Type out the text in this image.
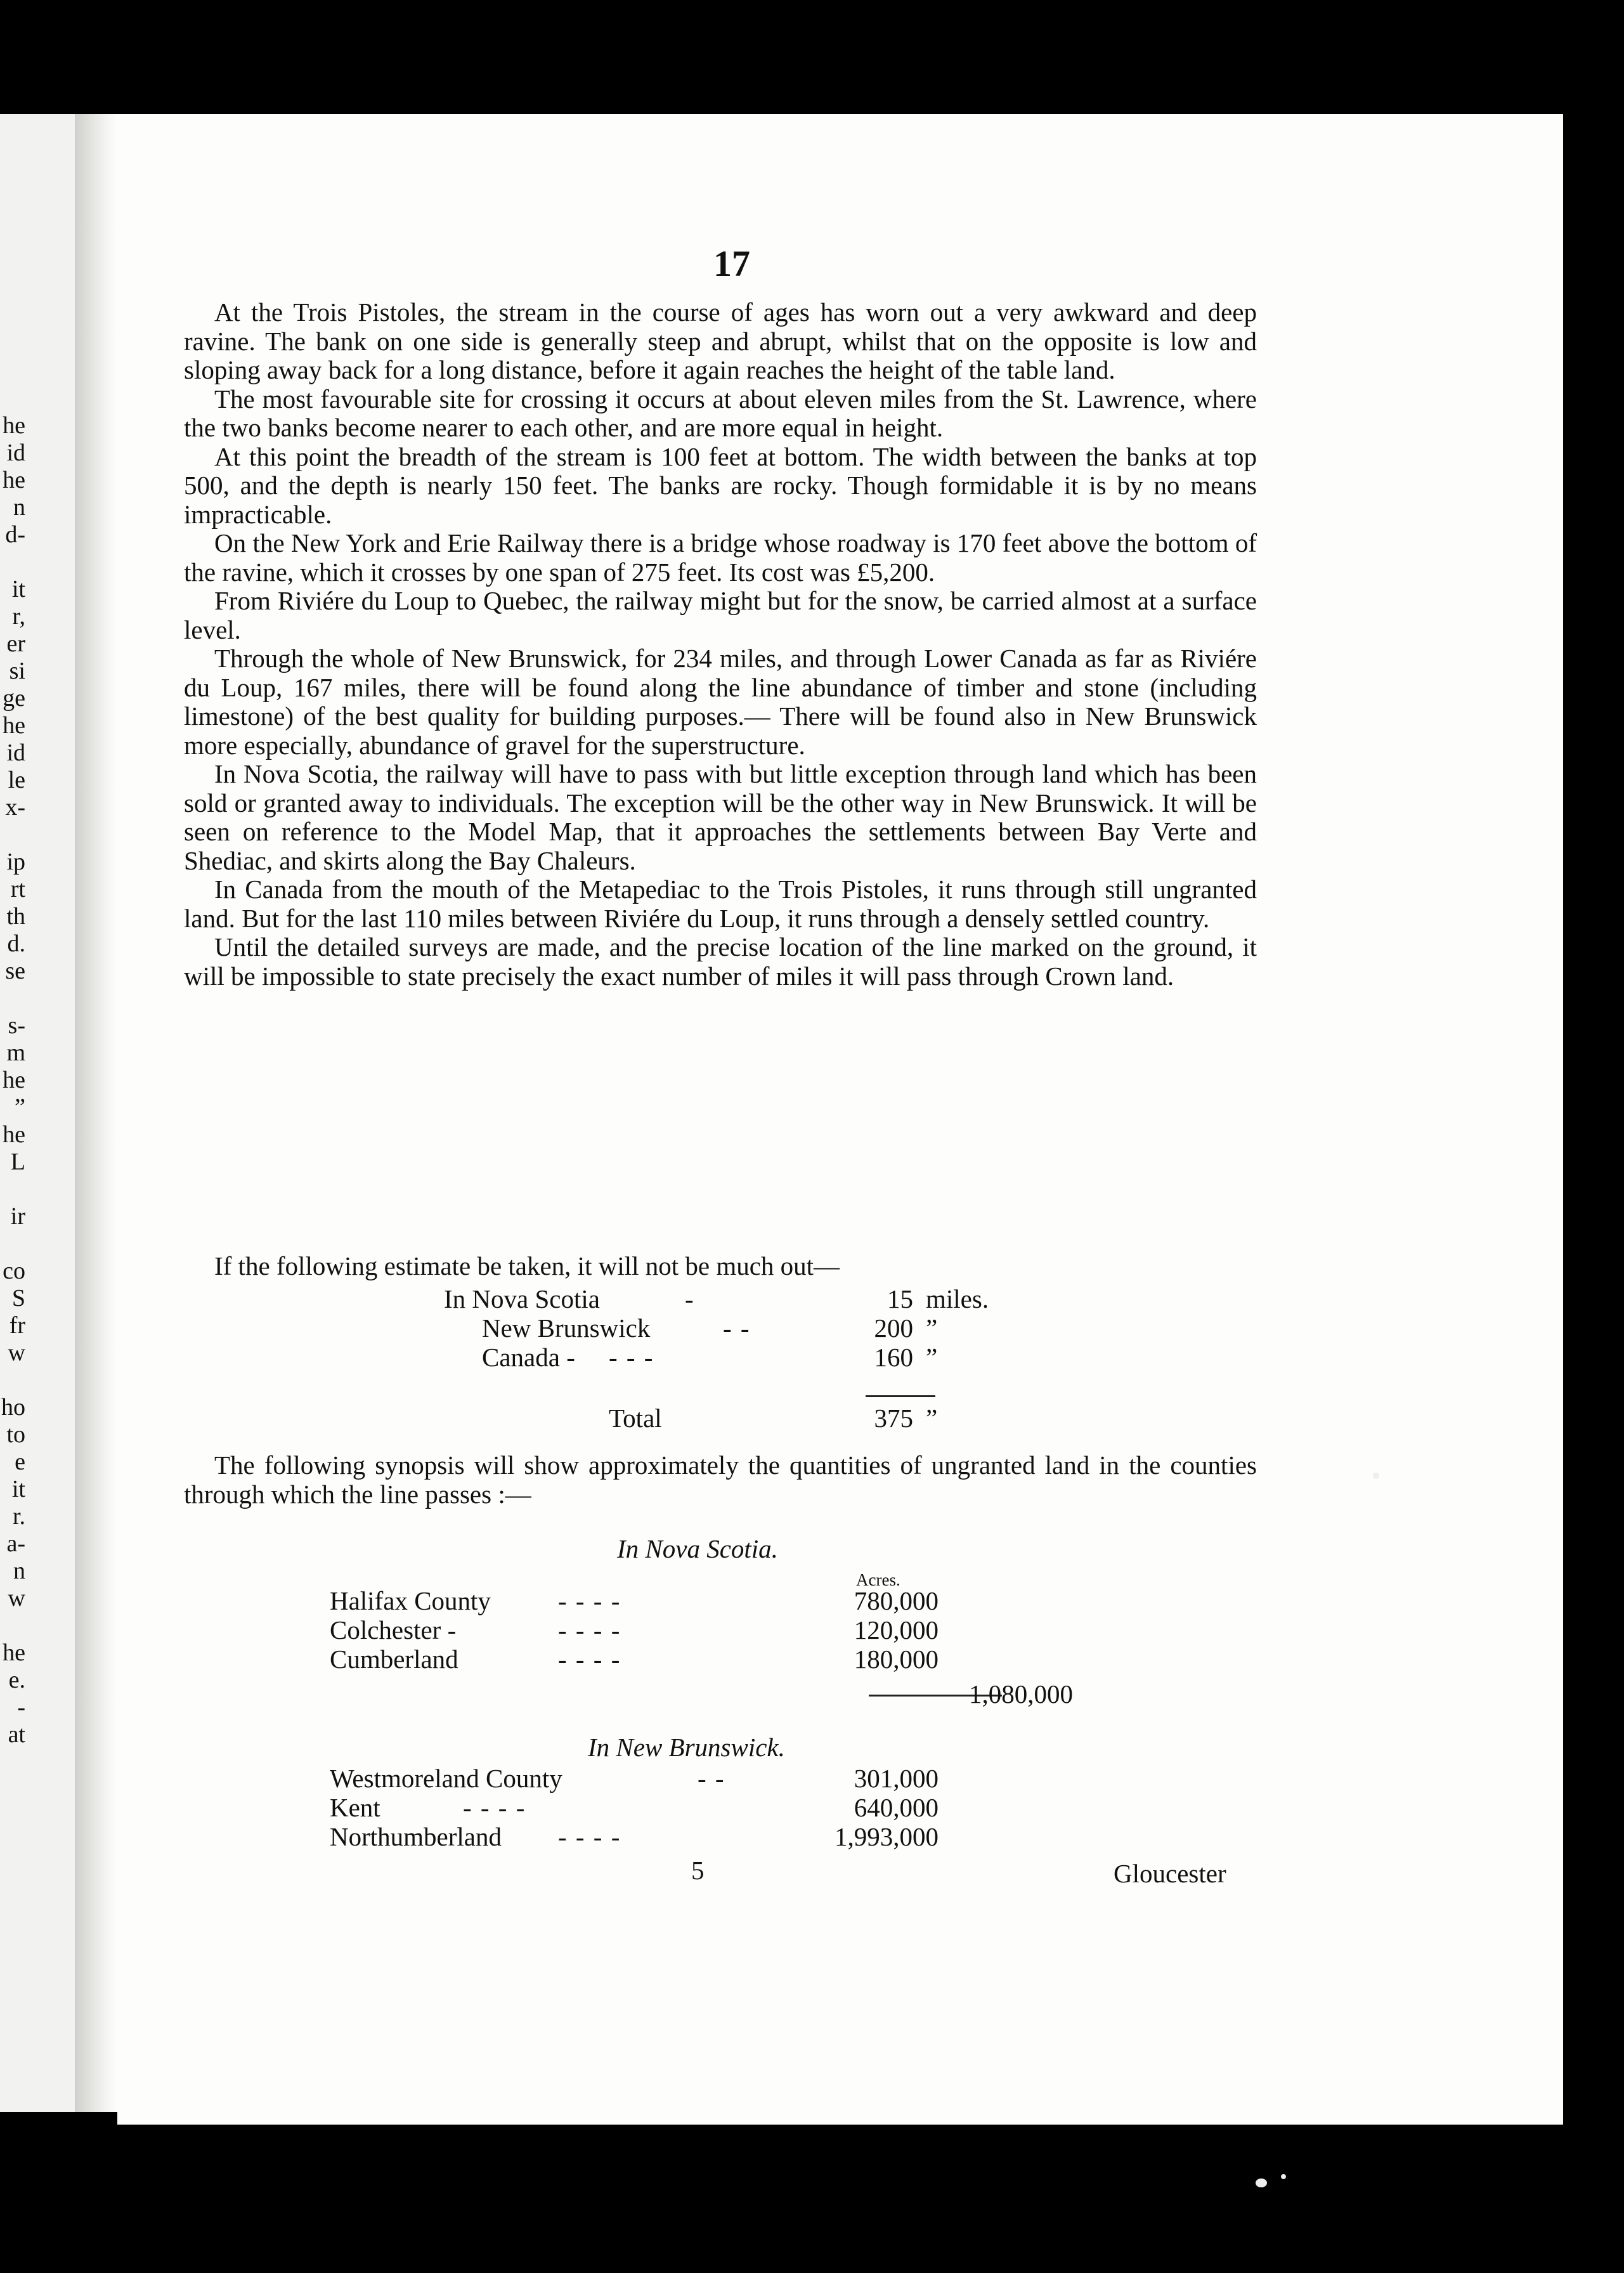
he
id
he
n
d-
it
r,
er
si
ge
he
id
le
x-
ip
rt
th
d.
se
s-
m
he
”
he
L
ir
co
S
fr
w
ho
to
e
it
r.
a-
n
w
he
e.
-
at
17

At the Trois Pistoles, the stream in the course of ages has worn out a very awkward and deep ravine. The bank on one side is generally steep and abrupt, whilst that on the opposite is low and sloping away back for a long distance, before it again reaches the height of the table land.

The most favourable site for crossing it occurs at about eleven miles from the St. Lawrence, where the two banks become nearer to each other, and are more equal in height.

At this point the breadth of the stream is 100 feet at bottom. The width between the banks at top 500, and the depth is nearly 150 feet. The banks are rocky. Though formidable it is by no means impracticable.

On the New York and Erie Railway there is a bridge whose roadway is 170 feet above the bottom of the ravine, which it crosses by one span of 275 feet. Its cost was £5,200.

From Riviére du Loup to Quebec, the railway might but for the snow, be carried almost at a surface level.

Through the whole of New Brunswick, for 234 miles, and through Lower Canada as far as Riviére du Loup, 167 miles, there will be found along the line abundance of timber and stone (including limestone) of the best quality for building purposes.— There will be found also in New Brunswick more especially, abundance of gravel for the superstructure.

In Nova Scotia, the railway will have to pass with but little exception through land which has been sold or granted away to individuals. The exception will be the other way in New Brunswick. It will be seen on reference to the Model Map, that it approaches the settlements between Bay Verte and Shediac, and skirts along the Bay Chaleurs.

In Canada from the mouth of the Metapediac to the Trois Pistoles, it runs through still ungranted land. But for the last 110 miles between Riviére du Loup, it runs through a densely settled country.

Until the detailed surveys are made, and the precise location of the line marked on the ground, it will be impossible to state precisely the exact number of miles it will pass through Crown land.

If the following estimate be taken, it will not be much out—
In Nova Scotia	-	15 miles.
New Brunswick	- -	200 ”
Canada - - - -	160 ”
Total	375 ”

The following synopsis will show approximately the quantities of ungranted land in the counties through which the line passes :—

In Nova Scotia.
Acres.
Halifax County	- - - -	780,000
Colchester -	- - - -	120,000
Cumberland	- - - -	180,000
1,080,000
In New Brunswick.
Westmoreland County	- -	301,000
Kent	- - - -	640,000
Northumberland - - - -	1,993,000
5	Gloucester
